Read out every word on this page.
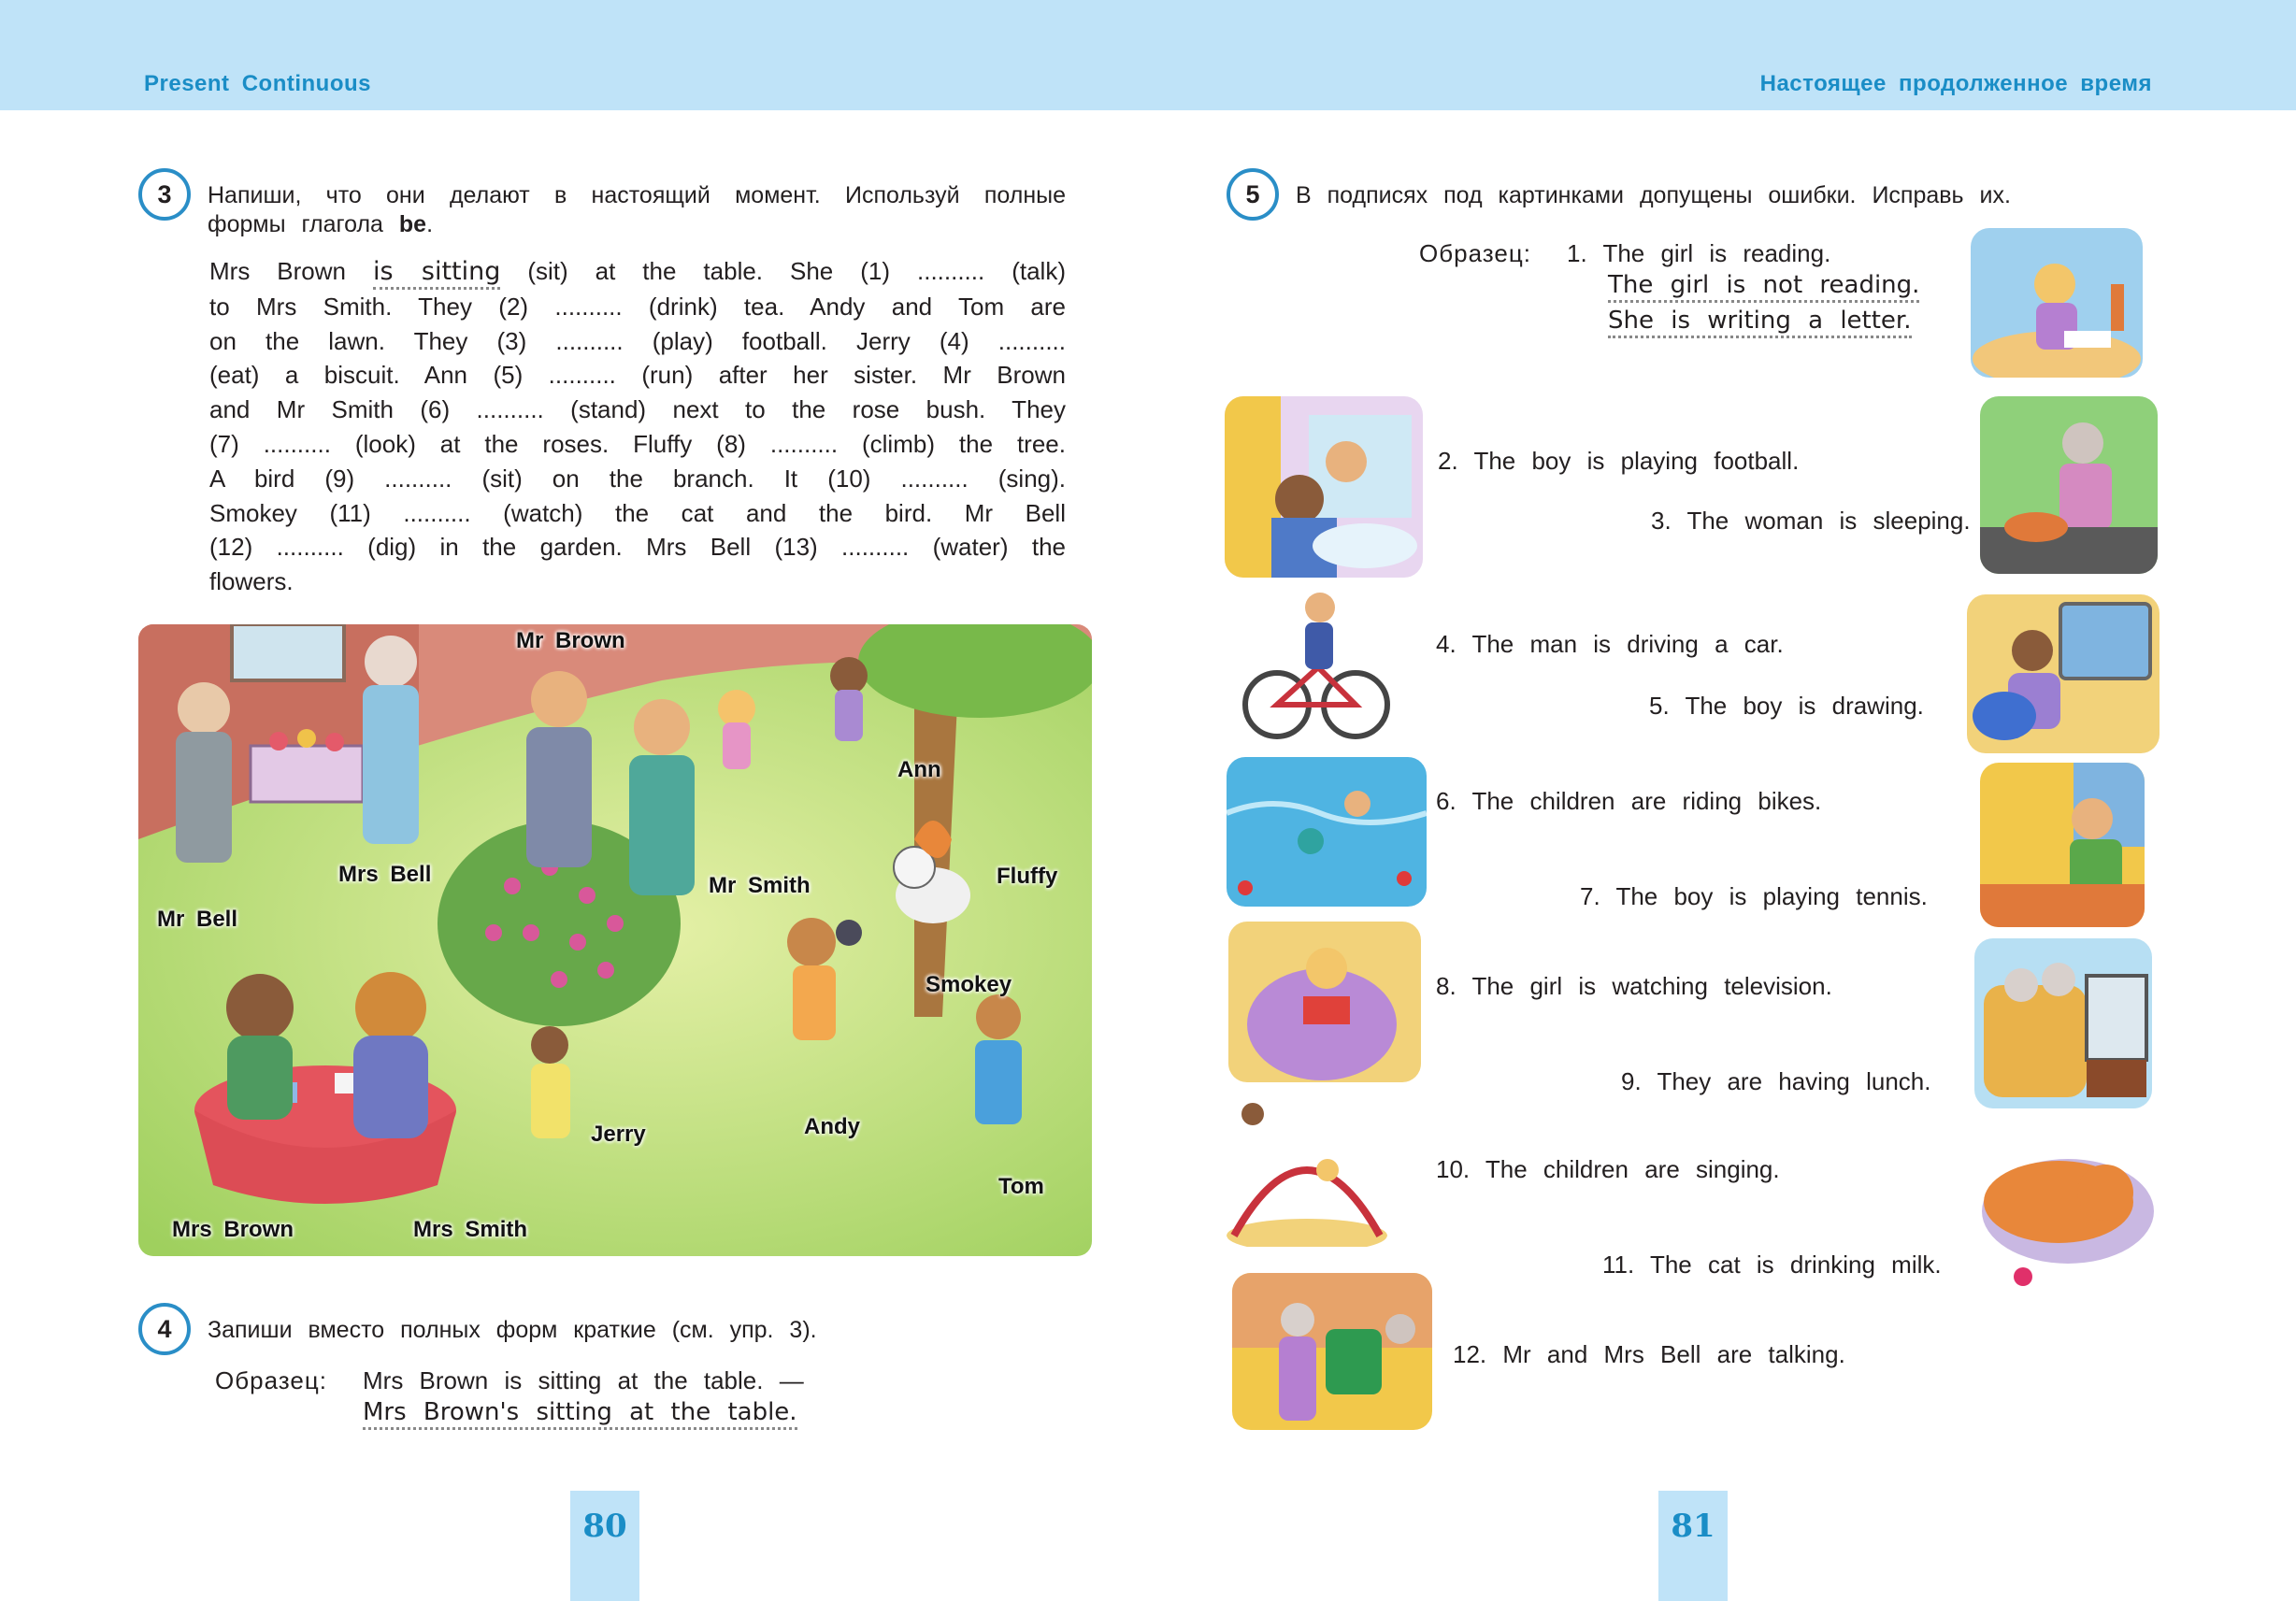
Present Continuous	Настоящее продолженное время
3	Напиши, что они делают в настоящий момент. Используй полные
формы глагола be.
Mrs Brown is sitting (sit) at the table. She (1) .......... (talk)
to Mrs Smith. They (2) .......... (drink) tea. Andy and Tom are
on the lawn. They (3) .......... (play) football. Jerry (4) ..........
(eat) a biscuit. Ann (5) .......... (run) after her sister. Mr Brown
and Mr Smith (6) .......... (stand) next to the rose bush. They
(7) .......... (look) at the roses. Fluffy (8) .......... (climb) the tree.
A bird (9) .......... (sit) on the branch. It (10) .......... (sing).
Smokey (11) .......... (watch) the cat and the bird. Mr Bell
(12) .......... (dig) in the garden. Mrs Bell (13) .......... (water) the
flowers.
Mr Brown
Ann
Mrs Bell	Mr Smith	Fluffy
Mr Bell
Smokey
Jerry	Andy
Tom
Mrs Brown	Mrs Smith
4	Запиши вместо полных форм краткие (см. упр. 3).
Образец: Mrs Brown is sitting at the table. —
Mrs Brown's sitting at the table.
5	В подписях под картинками допущены ошибки. Исправь их.
Образец: 1. The girl is reading.
The girl is not reading.
She is writing a letter.
2. The boy is playing football.
3. The woman is sleeping.
4. The man is driving a car.
5. The boy is drawing.
6. The children are riding bikes.
7. The boy is playing tennis.
8. The girl is watching television.
9. They are having lunch.
10. The children are singing.
11. The cat is drinking milk.
12. Mr and Mrs Bell are talking.
80	81
